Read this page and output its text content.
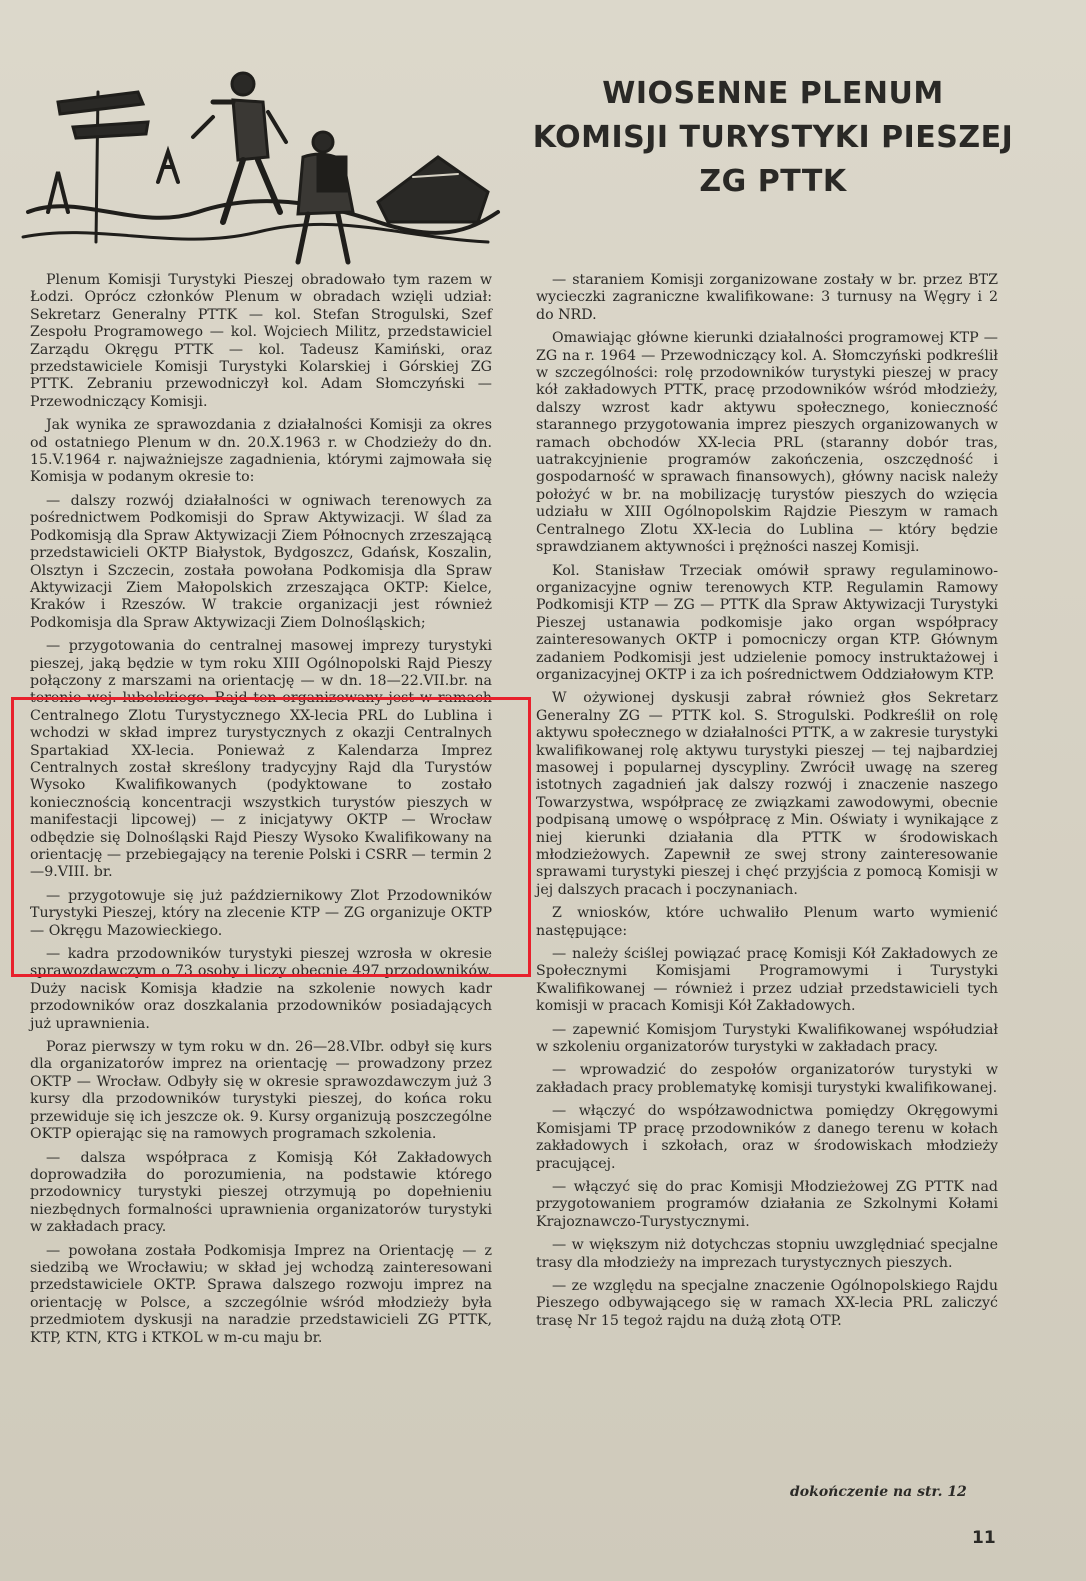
WIOSENNE PLENUM
KOMISJI TURYSTYKI PIESZEJ
ZG PTTK

Plenum Komisji Turystyki Pieszej obradowało tym razem w Łodzi. Oprócz członków Plenum w obradach wzięli udział: Sekretarz Generalny PTTK — kol. Stefan Strogulski, Szef Zespołu Programowego — kol. Wojciech Militz, przedstawiciel Zarządu Okręgu PTTK — kol. Tadeusz Kamiński, oraz przedstawiciele Komisji Turystyki Kolarskiej i Górskiej ZG PTTK. Zebraniu przewodniczył kol. Adam Słomczyński — Przewodniczący Komisji.

Jak wynika ze sprawozdania z działalności Komisji za okres od ostatniego Plenum w dn. 20.X.1963 r. w Chodzieży do dn. 15.V.1964 r. najważniejsze zagadnienia, którymi zajmowała się Komisja w podanym okresie to:

— dalszy rozwój działalności w ogniwach terenowych za pośrednictwem Podkomisji do Spraw Aktywizacji. W ślad za Podkomisją dla Spraw Aktywizacji Ziem Północnych zrzeszającą przedstawicieli OKTP Białystok, Bydgoszcz, Gdańsk, Koszalin, Olsztyn i Szczecin, została powołana Podkomisja dla Spraw Aktywizacji Ziem Małopolskich zrzeszająca OKTP: Kielce, Kraków i Rzeszów. W trakcie organizacji jest również Podkomisja dla Spraw Aktywizacji Ziem Dolnośląskich;

— przygotowania do centralnej masowej imprezy turystyki pieszej, jaką będzie w tym roku XIII Ogólnopolski Rajd Pieszy połączony z marszami na orientację — w dn. 18—22.VII.br. na terenie woj. lubelskiego. Rajd ten organizowany jest w ramach Centralnego Zlotu Turystycznego XX-lecia PRL do Lublina i wchodzi w skład imprez turystycznych z okazji Centralnych Spartakiad XX-lecia. Ponieważ z Kalendarza Imprez Centralnych został skreślony tradycyjny Rajd dla Turystów Wysoko Kwalifikowanych (podyktowane to zostało koniecznością koncentracji wszystkich turystów pieszych w manifestacji lipcowej) — z inicjatywy OKTP — Wrocław odbędzie się Dolnośląski Rajd Pieszy Wysoko Kwalifikowany na orientację — przebiegający na terenie Polski i CSRR — termin 2—9.VIII. br.

— przygotowuje się już październikowy Zlot Przodowników Turystyki Pieszej, który na zlecenie KTP — ZG organizuje OKTP — Okręgu Mazowieckiego.

— kadra przodowników turystyki pieszej wzrosła w okresie sprawozdawczym o 73 osoby i liczy obecnie 497 przodowników. Duży nacisk Komisja kładzie na szkolenie nowych kadr przodowników oraz doszkalania przodowników posiadających już uprawnienia.

Poraz pierwszy w tym roku w dn. 26—28.VIbr. odbył się kurs dla organizatorów imprez na orientację — prowadzony przez OKTP — Wrocław. Odbyły się w okresie sprawozdawczym już 3 kursy dla przodowników turystyki pieszej, do końca roku przewiduje się ich jeszcze ok. 9. Kursy organizują poszczególne OKTP opierając się na ramowych programach szkolenia.

— dalsza współpraca z Komisją Kół Zakładowych doprowadziła do porozumienia, na podstawie którego przodownicy turystyki pieszej otrzymują po dopełnieniu niezbędnych formalności uprawnienia organizatorów turystyki w zakładach pracy.

— powołana została Podkomisja Imprez na Orientację — z siedzibą we Wrocławiu; w skład jej wchodzą zainteresowani przedstawiciele OKTP. Sprawa dalszego rozwoju imprez na orientację w Polsce, a szczególnie wśród młodzieży była przedmiotem dyskusji na naradzie przedstawicieli ZG PTTK, KTP, KTN, KTG i KTKOL w m-cu maju br.

— staraniem Komisji zorganizowane zostały w br. przez BTZ wycieczki zagraniczne kwalifikowane: 3 turnusy na Węgry i 2 do NRD.

Omawiając główne kierunki działalności programowej KTP — ZG na r. 1964 — Przewodniczący kol. A. Słomczyński podkreślił w szczególności: rolę przodowników turystyki pieszej w pracy kół zakładowych PTTK, pracę przodowników wśród młodzieży, dalszy wzrost kadr aktywu społecznego, konieczność starannego przygotowania imprez pieszych organizowanych w ramach obchodów XX-lecia PRL (staranny dobór tras, uatrakcyjnienie programów zakończenia, oszczędność i gospodarność w sprawach finansowych), główny nacisk należy położyć w br. na mobilizację turystów pieszych do wzięcia udziału w XIII Ogólnopolskim Rajdzie Pieszym w ramach Centralnego Zlotu XX-lecia do Lublina — który będzie sprawdzianem aktywności i prężności naszej Komisji.

Kol. Stanisław Trzeciak omówił sprawy regulaminowo-organizacyjne ogniw terenowych KTP. Regulamin Ramowy Podkomisji KTP — ZG — PTTK dla Spraw Aktywizacji Turystyki Pieszej ustanawia podkomisje jako organ współpracy zainteresowanych OKTP i pomocniczy organ KTP. Głównym zadaniem Podkomisji jest udzielenie pomocy instruktażowej i organizacyjnej OKTP i za ich pośrednictwem Oddziałowym KTP.

W ożywionej dyskusji zabrał również głos Sekretarz Generalny ZG — PTTK kol. S. Strogulski. Podkreślił on rolę aktywu społecznego w działalności PTTK, a w zakresie turystyki kwalifikowanej rolę aktywu turystyki pieszej — tej najbardziej masowej i popularnej dyscypliny. Zwrócił uwagę na szereg istotnych zagadnień jak dalszy rozwój i znaczenie naszego Towarzystwa, współpracę ze związkami zawodowymi, obecnie podpisaną umowę o współpracę z Min. Oświaty i wynikające z niej kierunki działania dla PTTK w środowiskach młodzieżowych. Zapewnił ze swej strony zainteresowanie sprawami turystyki pieszej i chęć przyjścia z pomocą Komisji w jej dalszych pracach i poczynaniach.

Z wniosków, które uchwaliło Plenum warto wymienić następujące:

— należy ściślej powiązać pracę Komisji Kół Zakładowych ze Społecznymi Komisjami Programowymi i Turystyki Kwalifikowanej — również i przez udział przedstawicieli tych komisji w pracach Komisji Kół Zakładowych.

— zapewnić Komisjom Turystyki Kwalifikowanej współudział w szkoleniu organizatorów turystyki w zakładach pracy.

— wprowadzić do zespołów organizatorów turystyki w zakładach pracy problematykę komisji turystyki kwalifikowanej.

— włączyć do współzawodnictwa pomiędzy Okręgowymi Komisjami TP pracę przodowników z danego terenu w kołach zakładowych i szkołach, oraz w środowiskach młodzieży pracującej.

— włączyć się do prac Komisji Młodzieżowej ZG PTTK nad przygotowaniem programów działania ze Szkolnymi Kołami Krajoznawczo-Turystycznymi.

— w większym niż dotychczas stopniu uwzględniać specjalne trasy dla młodzieży na imprezach turystycznych pieszych.

— ze względu na specjalne znaczenie Ogólnopolskiego Rajdu Pieszego odbywającego się w ramach XX-lecia PRL zaliczyć trasę Nr 15 tegoż rajdu na dużą złotą OTP.

dokończenie na str. 12
11
